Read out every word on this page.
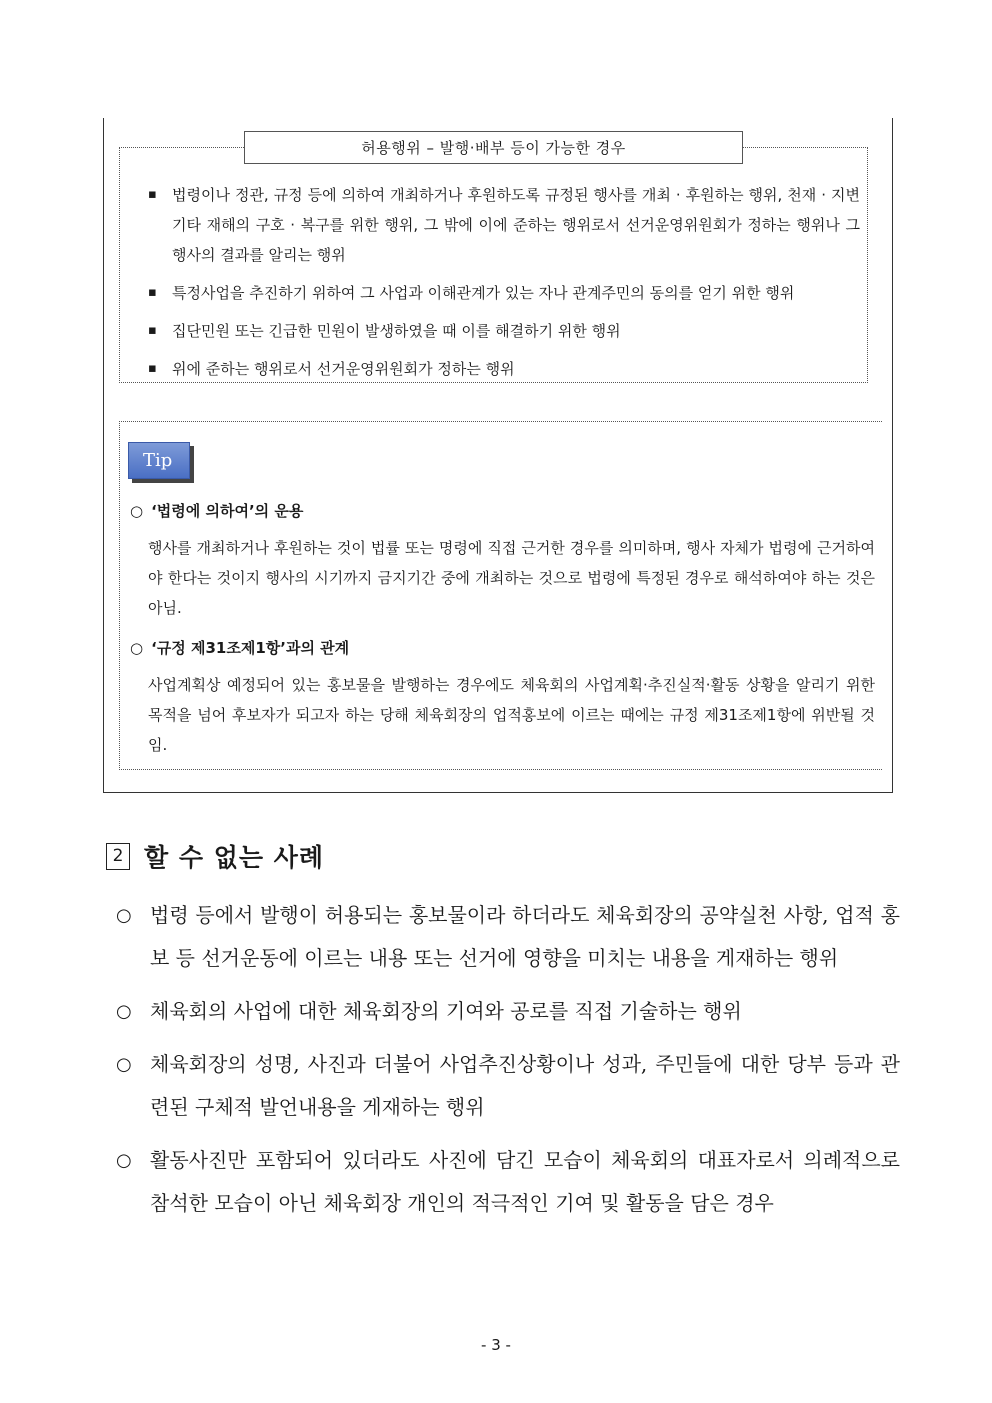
허용행위 – 발행·배부 등이 가능한 경우
▪ 법령이나 정관, 규정 등에 의하여 개최하거나 후원하도록 규정된 행사를 개최 · 후원하는 행위, 천재 · 지변 기타 재해의 구호 · 복구를 위한 행위, 그 밖에 이에 준하는 행위로서 선거운영위원회가 정하는 행위나 그 행사의 결과를 알리는 행위
▪ 특정사업을 추진하기 위하여 그 사업과 이해관계가 있는 자나 관계주민의 동의를 얻기 위한 행위
▪ 집단민원 또는 긴급한 민원이 발생하였을 때 이를 해결하기 위한 행위
▪ 위에 준하는 행위로서 선거운영위원회가 정하는 행위
Tip
○ ‘법령에 의하여’의 운용
행사를 개최하거나 후원하는 것이 법률 또는 명령에 직접 근거한 경우를 의미하며, 행사 자체가 법령에 근거하여야 한다는 것이지 행사의 시기까지 금지기간 중에 개최하는 것으로 법령에 특정된 경우로 해석하여야 하는 것은 아님.
○ ‘규정 제31조제1항’과의 관계
사업계획상 예정되어 있는 홍보물을 발행하는 경우에도 체육회의 사업계획·추진실적·활동 상황을 알리기 위한 목적을 넘어 후보자가 되고자 하는 당해 체육회장의 업적홍보에 이르는 때에는 규정 제31조제1항에 위반될 것임.
2 할 수 없는 사례
○ 법령 등에서 발행이 허용되는 홍보물이라 하더라도 체육회장의 공약실천 사항, 업적 홍보 등 선거운동에 이르는 내용 또는 선거에 영향을 미치는 내용을 게재하는 행위
○ 체육회의 사업에 대한 체육회장의 기여와 공로를 직접 기술하는 행위
○ 체육회장의 성명, 사진과 더불어 사업추진상황이나 성과, 주민들에 대한 당부 등과 관련된 구체적 발언내용을 게재하는 행위
○ 활동사진만 포함되어 있더라도 사진에 담긴 모습이 체육회의 대표자로서 의례적으로 참석한 모습이 아닌 체육회장 개인의 적극적인 기여 및 활동을 담은 경우
- 3 -
